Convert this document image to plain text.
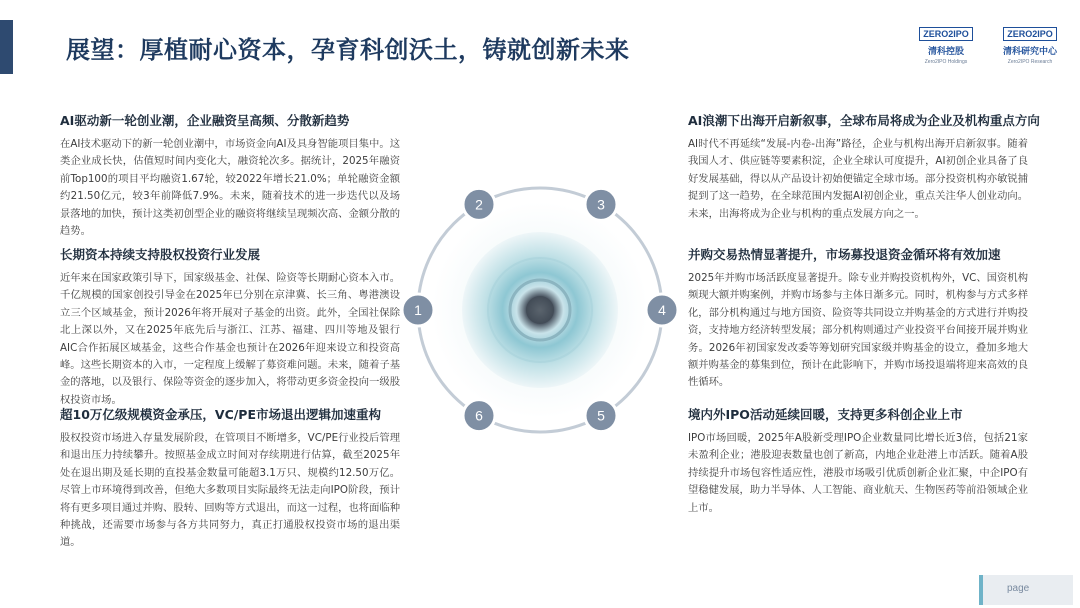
展望：厚植耐心资本，孕育科创沃土，铸就创新未来
ZERO2IPO
清科控股
Zero2IPO Holdings
ZERO2IPO
清科研究中心
Zero2IPO Research
AI驱动新一轮创业潮，企业融资呈高频、分散新趋势

在AI技术驱动下的新一轮创业潮中，市场资金向AI及具身智能项目集中。这类企业成长快，估值短时间内变化大，融资轮次多。据统计，2025年融资前Top100的项目平均融资1.67轮，较2022年增长21.0%；单轮融资金额约21.50亿元，较3年前降低7.9%。未来，随着技术的进一步迭代以及场景落地的加快，预计这类初创型企业的融资将继续呈现频次高、金额分散的趋势。

长期资本持续支持股权投资行业发展

近年来在国家政策引导下，国家级基金、社保、险资等长期耐心资本入市。千亿规模的国家创投引导金在2025年已分别在京津冀、长三角、粤港澳设立三个区域基金，预计2026年将开展对子基金的出资。此外，全国社保除北上深以外，又在2025年底先后与浙江、江苏、福建、四川等地及银行AIC合作拓展区域基金，这些合作基金也预计在2026年迎来设立和投资高峰。这些长期资本的入市，一定程度上缓解了募资难问题。未来，随着子基金的落地，以及银行、保险等资金的逐步加入，将带动更多资金投向一级股权投资市场。

超10万亿级规模资金承压，VC/PE市场退出逻辑加速重构

股权投资市场进入存量发展阶段，在管项目不断增多，VC/PE行业投后管理和退出压力持续攀升。按照基金成立时间对存续期进行估算，截至2025年处在退出期及延长期的直投基金数量可能超3.1万只、规模约12.50万亿。尽管上市环境得到改善，但绝大多数项目实际最终无法走向IPO阶段，预计将有更多项目通过并购、股转、回购等方式退出，而这一过程，也将面临种种挑战，还需要市场参与各方共同努力，真正打通股权投资市场的退出渠道。

AI浪潮下出海开启新叙事，全球布局将成为企业及机构重点方向

AI时代不再延续“发展-内卷-出海”路径，企业与机构出海开启新叙事。随着我国人才、供应链等要素积淀，企业全球认可度提升，AI初创企业具备了良好发展基础，得以从产品设计初始便锚定全球市场。部分投资机构亦敏锐捕捉到了这一趋势，在全球范围内发掘AI初创企业，重点关注华人创业动向。未来，出海将成为企业与机构的重点发展方向之一。

并购交易热情显著提升，市场募投退资金循环将有效加速

2025年并购市场活跃度显著提升。除专业并购投资机构外，VC、国资机构频现大额并购案例，并购市场参与主体日渐多元。同时，机构参与方式多样化，部分机构通过与地方国资、险资等共同设立并购基金的方式进行并购投资，支持地方经济转型发展；部分机构则通过产业投资平台间接开展并购业务。2026年初国家发改委等筹划研究国家级并购基金的设立，叠加多地大额并购基金的募集到位，预计在此影响下，并购市场投退端将迎来高效的良性循环。

境内外IPO活动延续回暖，支持更多科创企业上市

IPO市场回暖，2025年A股新受理IPO企业数量同比增长近3倍，包括21家未盈利企业；港股迎表数量也创了新高，内地企业赴港上市活跃。随着A股持续提升市场包容性适应性，港股市场吸引优质创新企业汇聚，中企IPO有望稳健发展，助力半导体、人工智能、商业航天、生物医药等前沿领域企业上市。

1
2	3
4
5
6
page
